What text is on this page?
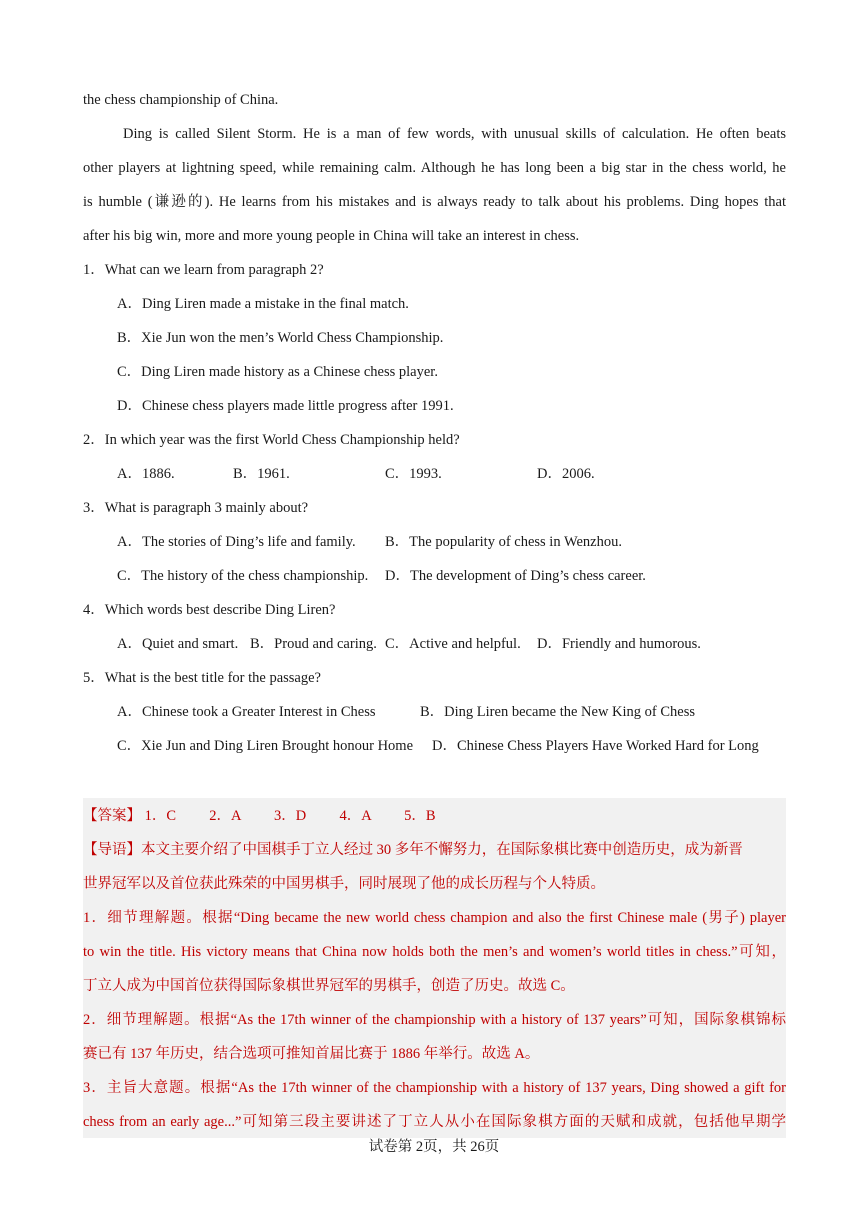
the chess championship of China.
Ding is called Silent Storm. He is a man of few words, with unusual skills of calculation. He often beats
other players at lightning speed, while remaining calm. Although he has long been a big star in the chess world, he
is humble (谦逊的). He learns from his mistakes and is always ready to talk about his problems. Ding hopes that
after his big win, more and more young people in China will take an interest in chess.
1．What can we learn from paragraph 2?
A．Ding Liren made a mistake in the final match.
B．Xie Jun won the men’s World Chess Championship.
C．Ding Liren made history as a Chinese chess player.
D．Chinese chess players made little progress after 1991.
2．In which year was the first World Chess Championship held?
A．1886.	B．1961.	C．1993.	D．2006.
3．What is paragraph 3 mainly about?
A．The stories of Ding’s life and family. B．The popularity of chess in Wenzhou.
C．The history of the chess championship. D．The development of Ding’s chess career.
4．Which words best describe Ding Liren?
A．Quiet and smart. B．Proud and caring. C．Active and helpful. D．Friendly and humorous.
5．What is the best title for the passage?
A．Chinese took a Greater Interest in Chess	B．Ding Liren became the New King of Chess
C．Xie Jun and Ding Liren Brought honour Home D．Chinese Chess Players Have Worked Hard for Long
【答案】 1．C 2．A 3．D 4．A 5．B
【导语】本文主要介绍了中国棋手丁立人经过 30 多年不懈努力，在国际象棋比赛中创造历史，成为新晋
世界冠军以及首位获此殊荣的中国男棋手，同时展现了他的成长历程与个人特质。
1．细节理解题。根据“Ding became the new world chess champion and also the first Chinese male (男子) player
to win the title. His victory means that China now holds both the men’s and women’s world titles in chess.”可知，
丁立人成为中国首位获得国际象棋世界冠军的男棋手，创造了历史。故选 C。
2．细节理解题。根据“As the 17th winner of the championship with a history of 137 years”可知，国际象棋锦标
赛已有 137 年历史，结合选项可推知首届比赛于 1886 年举行。故选 A。
3．主旨大意题。根据“As the 17th winner of the championship with a history of 137 years, Ding showed a gift for
chess from an early age...”可知第三段主要讲述了丁立人从小在国际象棋方面的天赋和成就，包括他早期学
试卷第 2页，共 26页
